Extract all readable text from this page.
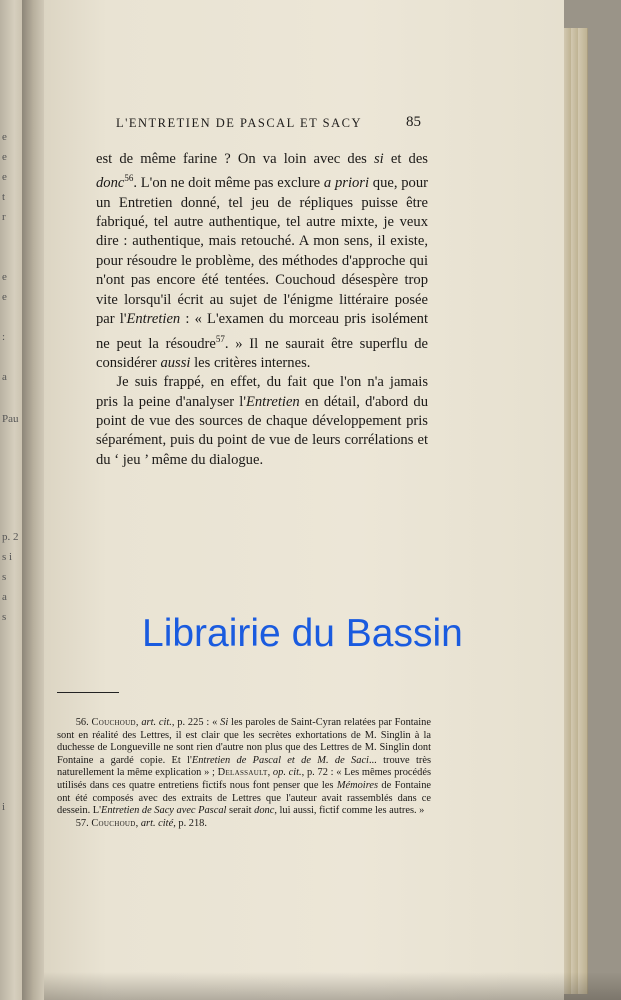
e
e
e
t
r
e
e
:
a
Pau
p. 2
s i
s
a
s
i
L'ENTRETIEN DE PASCAL ET SACY	85

est de même farine ? On va loin avec des si et des donc$^{56}$. L'on ne doit même pas exclure a priori que, pour un Entretien donné, tel jeu de répliques puisse être fabriqué, tel autre authentique, tel autre mixte, je veux dire : authentique, mais retouché. A mon sens, il existe, pour résoudre le problème, des méthodes d'approche qui n'ont pas encore été tentées. Couchoud désespère trop vite lorsqu'il écrit au sujet de l'énigme littéraire posée par l'Entretien : « L'examen du morceau pris isolément ne peut la résoudre$^{57}$. » Il ne saurait être superflu de considérer aussi les critères internes.

Je suis frappé, en effet, du fait que l'on n'a jamais pris la peine d'analyser l'Entretien en détail, d'abord du point de vue des sources de chaque développement pris séparément, puis du point de vue de leurs corrélations et du ‘ jeu ’ même du dialogue.

56. Couchoud, art. cit., p. 225 : « Si les paroles de Saint-Cyran relatées par Fontaine sont en réalité des Lettres, il est clair que les secrètes exhortations de M. Singlin à la duchesse de Longueville ne sont rien d'autre non plus que des Lettres de M. Singlin dont Fontaine a gardé copie. Et l'Entretien de Pascal et de M. de Saci... trouve très naturellement la même explication » ; Delassault, op. cit., p. 72 : « Les mêmes procédés utilisés dans ces quatre entretiens fictifs nous font penser que les Mémoires de Fontaine ont été composés avec des extraits de Lettres que l'auteur avait rassemblés dans ce dessein. L'Entretien de Sacy avec Pascal serait donc, lui aussi, fictif comme les autres. »

57. Couchoud, art. cité, p. 218.

Librairie du Bassin
